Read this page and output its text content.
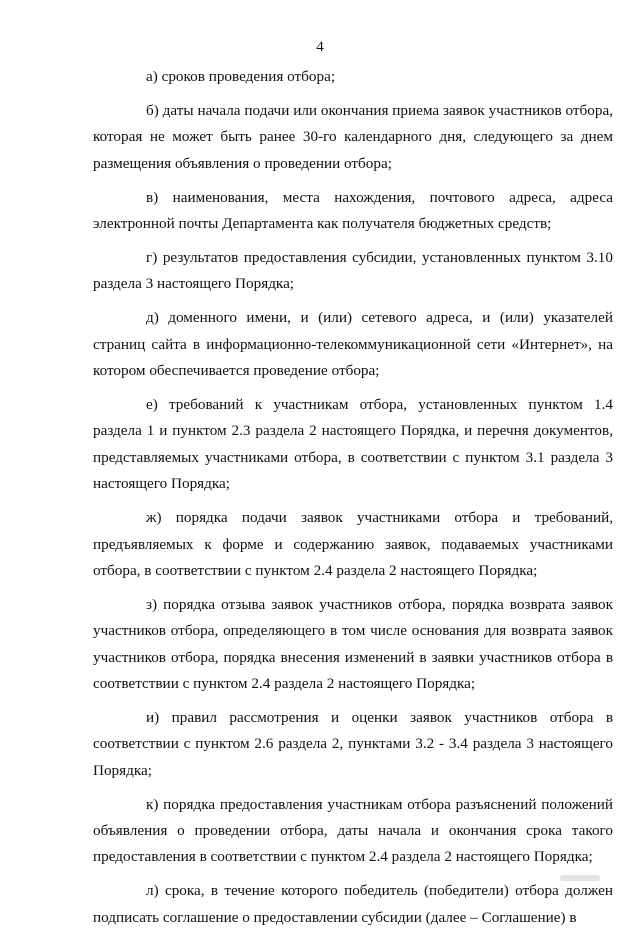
4

а) сроков проведения отбора;

б) даты начала подачи или окончания приема заявок участников отбора, которая не может быть ранее 30-го календарного дня, следующего за днем размещения объявления о проведении отбора;

в) наименования, места нахождения, почтового адреса, адреса электронной почты Департамента как получателя бюджетных средств;

г) результатов предоставления субсидии, установленных пунктом 3.10 раздела 3 настоящего Порядка;

д) доменного имени, и (или) сетевого адреса, и (или) указателей страниц сайта в информационно-телекоммуникационной сети «Интернет», на котором обеспечивается проведение отбора;

е) требований к участникам отбора, установленных пунктом 1.4 раздела 1 и пунктом 2.3 раздела 2 настоящего Порядка, и перечня документов, представляемых участниками отбора, в соответствии с пунктом 3.1 раздела 3 настоящего Порядка;

ж) порядка подачи заявок участниками отбора и требований, предъявляемых к форме и содержанию заявок, подаваемых участниками отбора, в соответствии с пунктом 2.4 раздела 2 настоящего Порядка;

з) порядка отзыва заявок участников отбора, порядка возврата заявок участников отбора, определяющего в том числе основания для возврата заявок участников отбора, порядка внесения изменений в заявки участников отбора в соответствии с пунктом 2.4 раздела 2 настоящего Порядка;

и) правил рассмотрения и оценки заявок участников отбора в соответствии с пунктом 2.6 раздела 2, пунктами 3.2 - 3.4 раздела 3 настоящего Порядка;

к) порядка предоставления участникам отбора разъяснений положений объявления о проведении отбора, даты начала и окончания срока такого предоставления в соответствии с пунктом 2.4 раздела 2 настоящего Порядка;

л) срока, в течение которого победитель (победители) отбора должен подписать соглашение о предоставлении субсидии (далее – Соглашение) в
